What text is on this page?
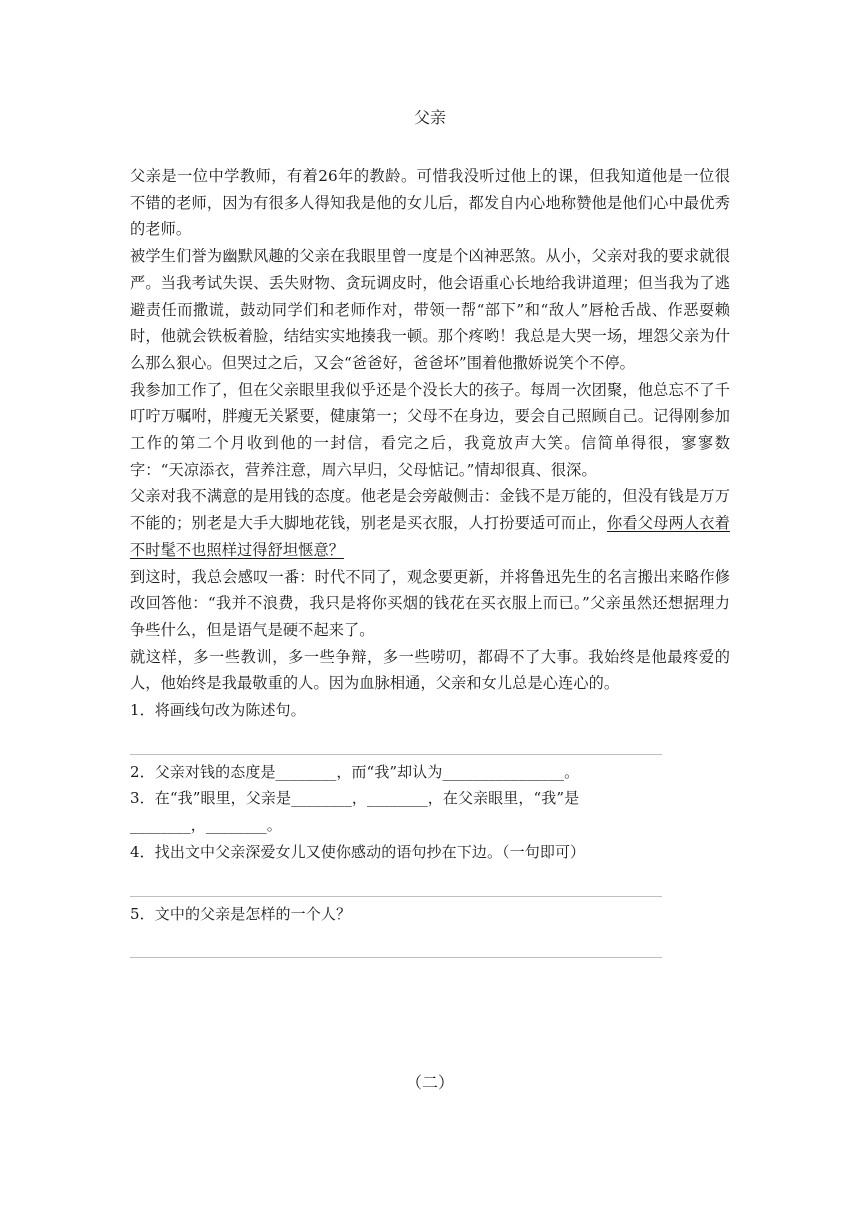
父亲

父亲是一位中学教师，有着26年的教龄。可惜我没听过他上的课，但我知道他是一位很不错的老师，因为有很多人得知我是他的女儿后，都发自内心地称赞他是他们心中最优秀的老师。

被学生们誉为幽默风趣的父亲在我眼里曾一度是个凶神恶煞。从小，父亲对我的要求就很严。当我考试失误、丢失财物、贪玩调皮时，他会语重心长地给我讲道理；但当我为了逃避责任而撒谎，鼓动同学们和老师作对，带领一帮“部下”和“敌人”唇枪舌战、作恶耍赖时，他就会铁板着脸，结结实实地揍我一顿。那个疼哟！我总是大哭一场，埋怨父亲为什么那么狠心。但哭过之后，又会“爸爸好，爸爸坏”围着他撒娇说笑个不停。

我参加工作了，但在父亲眼里我似乎还是个没长大的孩子。每周一次团聚，他总忘不了千叮咛万嘱咐，胖瘦无关紧要，健康第一；父母不在身边，要会自己照顾自己。记得刚参加工作的第二个月收到他的一封信，看完之后，我竟放声大笑。信简单得很，寥寥数字：“天凉添衣，营养注意，周六早归，父母惦记。”情却很真、很深。

父亲对我不满意的是用钱的态度。他老是会旁敲侧击：金钱不是万能的，但没有钱是万万不能的；别老是大手大脚地花钱，别老是买衣服，人打扮要适可而止，你看父母两人衣着不时髦不也照样过得舒坦惬意？

到这时，我总会感叹一番：时代不同了，观念要更新，并将鲁迅先生的名言搬出来略作修改回答他：“我并不浪费，我只是将你买烟的钱花在买衣服上而已。”父亲虽然还想据理力争些什么，但是语气是硬不起来了。

就这样，多一些教训，多一些争辩，多一些唠叨，都碍不了大事。我始终是他最疼爱的人，他始终是我最敬重的人。因为血脉相通，父亲和女儿总是心连心的。

1．将画线句改为陈述句。

2．父亲对钱的态度是________，而“我”却认为________________。

3．在“我”眼里，父亲是________，________，在父亲眼里，“我”是

________，________。

4．找出文中父亲深爱女儿又使你感动的语句抄在下边。（一句即可）

5．文中的父亲是怎样的一个人？

（二）
